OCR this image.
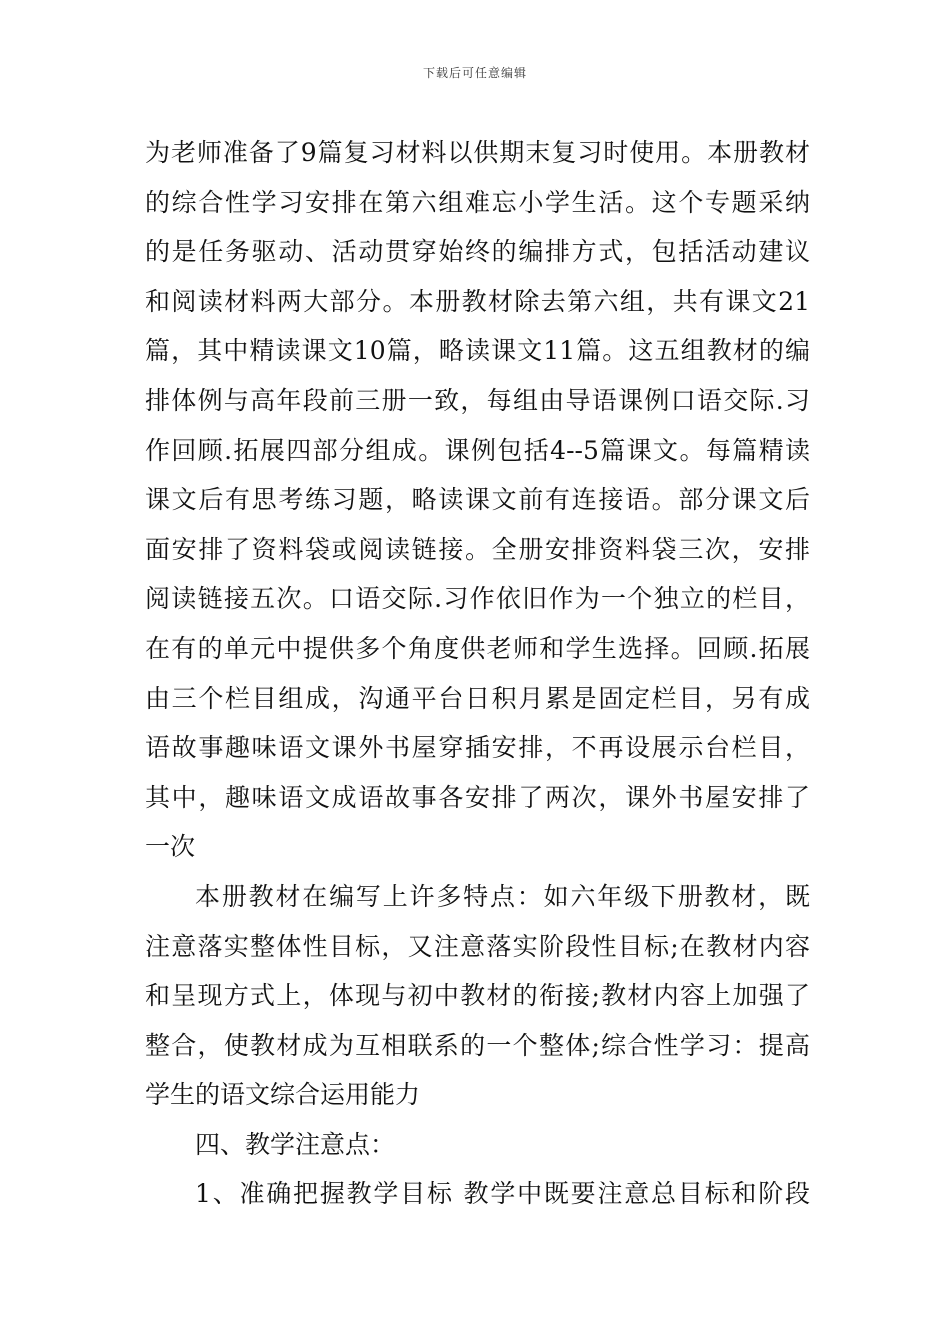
下载后可任意编辑
为老师准备了9篇复习材料以供期末复习时使用。本册教材
的综合性学习安排在第六组难忘小学生活。这个专题采纳
的是任务驱动、活动贯穿始终的编排方式，包括活动建议
和阅读材料两大部分。本册教材除去第六组，共有课文21
篇，其中精读课文10篇，略读课文11篇。这五组教材的编
排体例与高年段前三册一致，每组由导语课例口语交际.习
作回顾.拓展四部分组成。课例包括4--5篇课文。每篇精读
课文后有思考练习题，略读课文前有连接语。部分课文后
面安排了资料袋或阅读链接。全册安排资料袋三次，安排
阅读链接五次。口语交际.习作依旧作为一个独立的栏目，
在有的单元中提供多个角度供老师和学生选择。回顾.拓展
由三个栏目组成，沟通平台日积月累是固定栏目，另有成
语故事趣味语文课外书屋穿插安排，不再设展示台栏目，
其中，趣味语文成语故事各安排了两次，课外书屋安排了
一次
本册教材在编写上许多特点：如六年级下册教材，既
注意落实整体性目标，又注意落实阶段性目标;在教材内容
和呈现方式上，体现与初中教材的衔接;教材内容上加强了
整合，使教材成为互相联系的一个整体;综合性学习：提高
学生的语文综合运用能力
四、教学注意点：
1、准确把握教学目标 教学中既要注意总目标和阶段
